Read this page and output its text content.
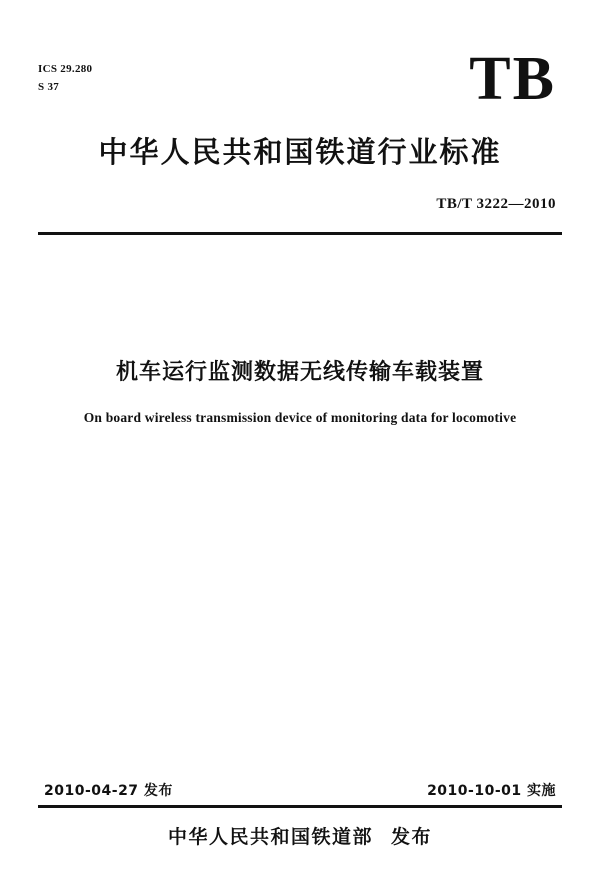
ICS 29.280
S 37	TB
中华人民共和国铁道行业标准
TB/T 3222—2010
机车运行监测数据无线传输车载装置
On board wireless transmission device of monitoring data for locomotive
2010-04-27 发布	2010-10-01 实施
中华人民共和国铁道部 发布
